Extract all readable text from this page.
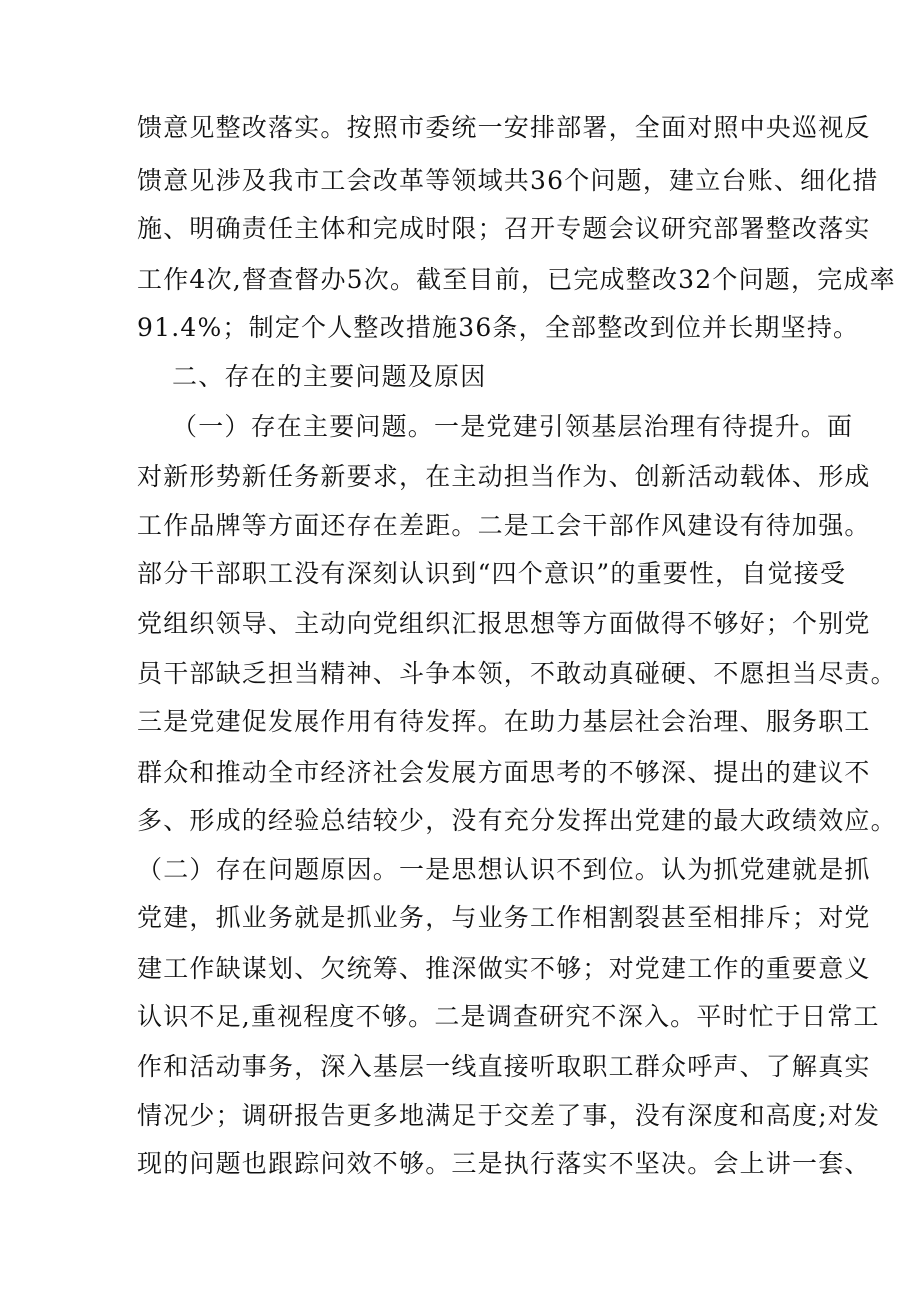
馈意见整改落实。按照市委统一安排部署，全面对照中央巡视反
馈意见涉及我市工会改革等领域共36个问题，建立台账、细化措
施、明确责任主体和完成时限；召开专题会议研究部署整改落实
工作4次,督查督办5次。截至目前，已完成整改32个问题，完成率
91.4%；制定个人整改措施36条，全部整改到位并长期坚持。
二、存在的主要问题及原因
（一）存在主要问题。一是党建引领基层治理有待提升。面
对新形势新任务新要求，在主动担当作为、创新活动载体、形成
工作品牌等方面还存在差距。二是工会干部作风建设有待加强。
部分干部职工没有深刻认识到“四个意识”的重要性，自觉接受
党组织领导、主动向党组织汇报思想等方面做得不够好；个别党
员干部缺乏担当精神、斗争本领，不敢动真碰硬、不愿担当尽责。
三是党建促发展作用有待发挥。在助力基层社会治理、服务职工
群众和推动全市经济社会发展方面思考的不够深、提出的建议不
多、形成的经验总结较少，没有充分发挥出党建的最大政绩效应。
（二）存在问题原因。一是思想认识不到位。认为抓党建就是抓
党建，抓业务就是抓业务，与业务工作相割裂甚至相排斥；对党
建工作缺谋划、欠统筹、推深做实不够；对党建工作的重要意义
认识不足,重视程度不够。二是调查研究不深入。平时忙于日常工
作和活动事务，深入基层一线直接听取职工群众呼声、了解真实
情况少；调研报告更多地满足于交差了事，没有深度和高度;对发
现的问题也跟踪问效不够。三是执行落实不坚决。会上讲一套、
